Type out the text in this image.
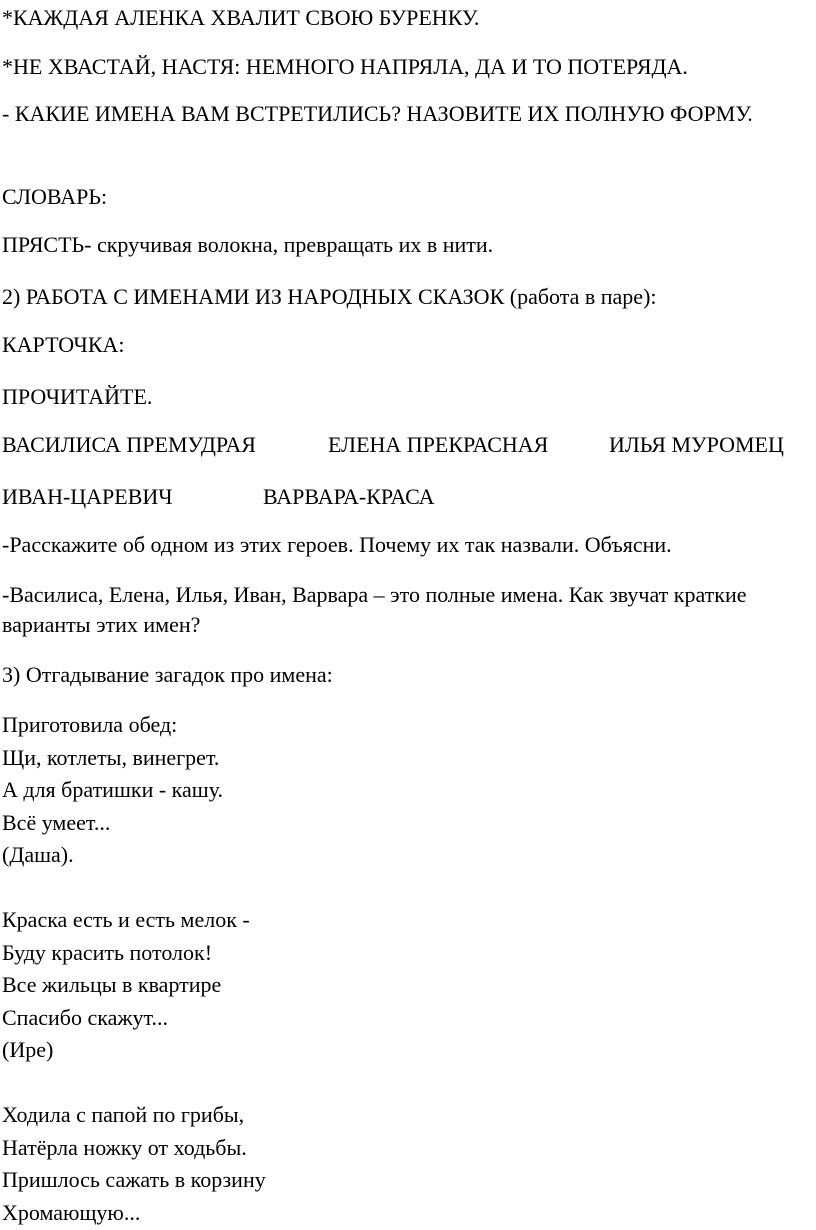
*КАЖДАЯ АЛЕНКА ХВАЛИТ СВОЮ БУРЕНКУ.

*НЕ ХВАСТАЙ, НАСТЯ: НЕМНОГО НАПРЯЛА, ДА И ТО ПОТЕРЯДА.

- КАКИЕ ИМЕНА ВАМ ВСТРЕТИЛИСЬ? НАЗОВИТЕ ИХ ПОЛНУЮ ФОРМУ.

СЛОВАРЬ:

ПРЯСТЬ- скручивая волокна, превращать их в нити.

2) РАБОТА С ИМЕНАМИ ИЗ НАРОДНЫХ СКАЗОК (работа в паре):

КАРТОЧКА:

ПРОЧИТАЙТЕ.

ВАСИЛИСА ПРЕМУДРАЯ	ЕЛЕНА ПРЕКРАСНАЯ	ИЛЬЯ МУРОМЕЦ
ИВАН-ЦАРЕВИЧ	ВАРВАРА-КРАСА

-Расскажите об одном из этих героев. Почему их так назвали. Объясни.

-Василиса, Елена, Илья, Иван, Варвара – это полные имена. Как звучат краткие варианты этих имен?

3) Отгадывание загадок про имена:

Приготовила обед:
Щи, котлеты, винегрет.
А для братишки - кашу.
Всё умеет...
(Даша).
Краска есть и есть мелок -
Буду красить потолок!
Все жильцы в квартире
Спасибо скажут...
(Ире)
Ходила с папой по грибы,
Натёрла ножку от ходьбы.
Пришлось сажать в корзину
Хромающую...
